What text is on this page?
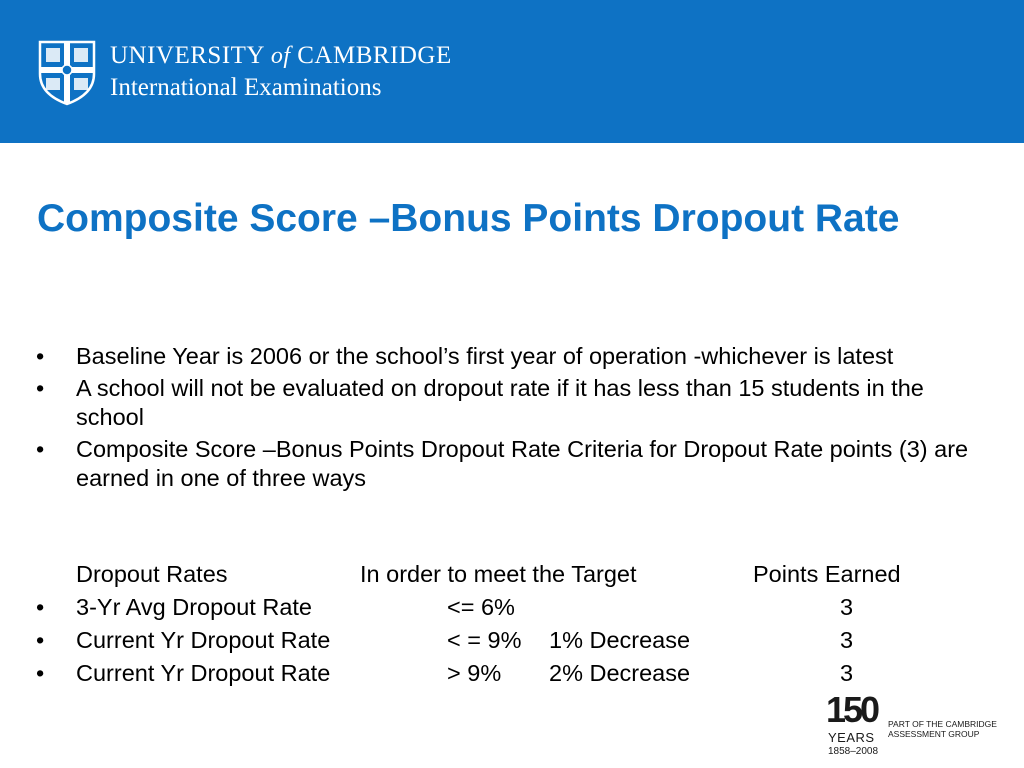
UNIVERSITY of CAMBRIDGE
International Examinations
Composite Score –Bonus Points Dropout Rate
• Baseline Year is 2006 or the school’s first year of operation -whichever is latest
• A school will not be evaluated on dropout rate if it has less than 15 students in the school
• Composite Score –Bonus Points Dropout Rate Criteria for Dropout Rate points (3) are earned in one of three ways
Dropout Rates	In order to meet the Target	Points Earned
• 3-Yr Avg Dropout Rate	<= 6%	3
• Current Yr Dropout Rate	< = 9% 1% Decrease	3
• Current Yr Dropout Rate	> 9% 2% Decrease	3
150
YEARS
1858–2008
PART OF THE CAMBRIDGE ASSESSMENT GROUP
